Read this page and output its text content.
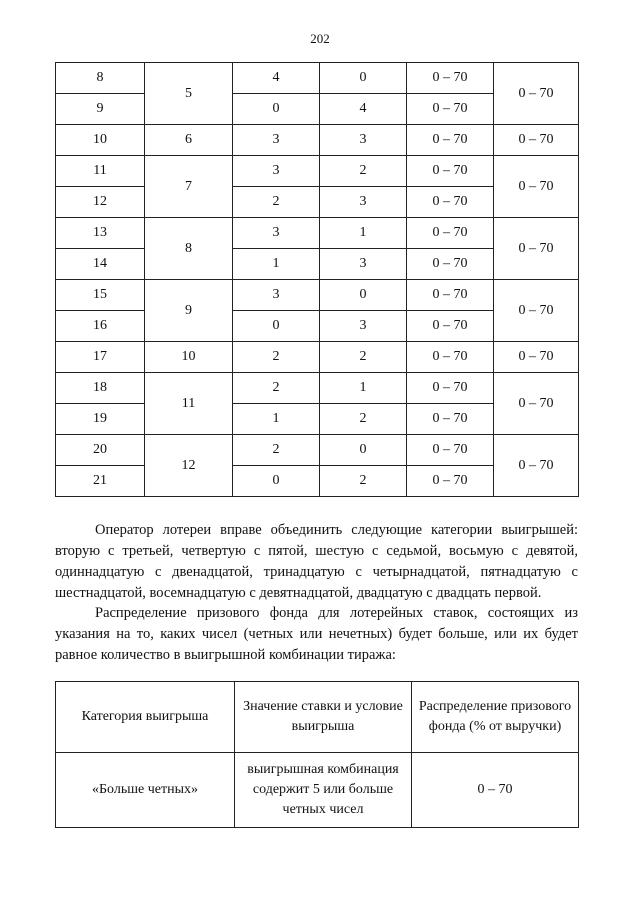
202
8	5	4	0	0 – 70	0 – 70
9		0	4	0 – 70	
10	6	3	3	0 – 70	0 – 70
11	7	3	2	0 – 70	0 – 70
12		2	3	0 – 70	
13	8	3	1	0 – 70	0 – 70
14		1	3	0 – 70	
15	9	3	0	0 – 70	0 – 70
16		0	3	0 – 70	
17	10	2	2	0 – 70	0 – 70
18	11	2	1	0 – 70	0 – 70
19		1	2	0 – 70	
20	12	2	0	0 – 70	0 – 70
21		0	2	0 – 70	

Оператор лотереи вправе объединить следующие категории выигрышей: вторую с третьей, четвертую с пятой, шестую с седьмой, восьмую с девятой, одиннадцатую с двенадцатой, тринадцатую с четырнадцатой, пятнадцатую с шестнадцатой, восемнадцатую с девятнадцатой, двадцатую с двадцать первой.

Распределение призового фонда для лотерейных ставок, состоящих из указания на то, каких чисел (четных или нечетных) будет больше, или их будет равное количество в выигрышной комбинации тиража:

Категория выигрыша	Значение ставки и условие выигрыша	Распределение призового фонда (% от выручки)
«Больше четных»	выигрышная комбинация содержит 5 или больше четных чисел	0 – 70
